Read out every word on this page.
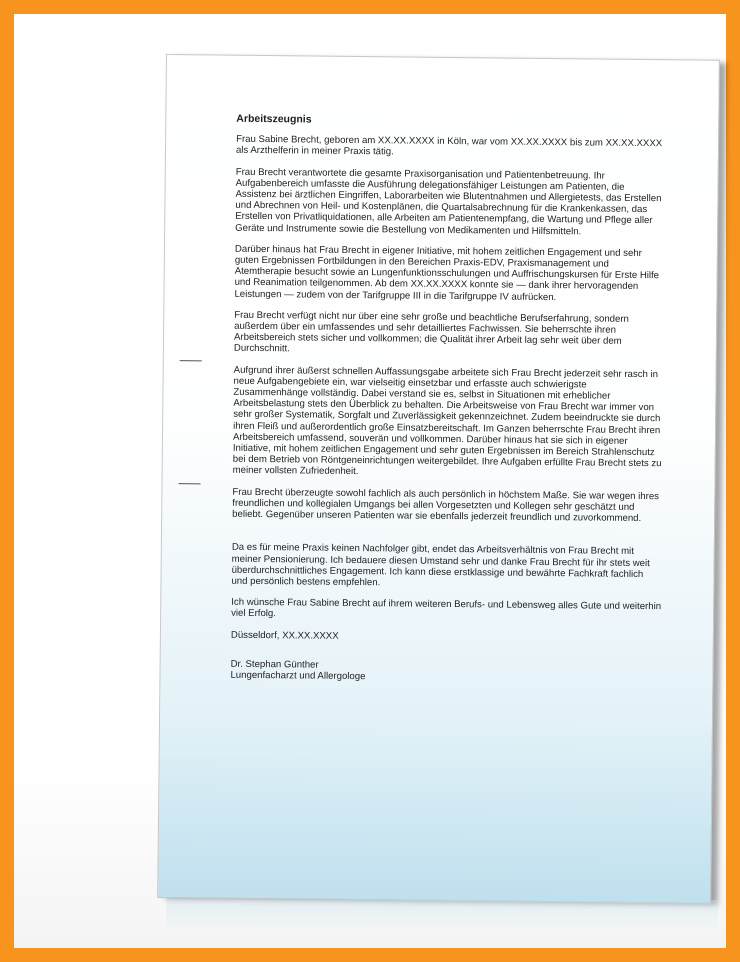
Arbeitszeugnis

Frau Sabine Brecht, geboren am XX.XX.XXXX in Köln, war vom XX.XX.XXXX bis zum XX.XX.XXXX als Arzthelferin in meiner Praxis tätig.

Frau Brecht verantwortete die gesamte Praxisorganisation und Patientenbetreuung. Ihr Aufgabenbereich umfasste die Ausführung delegationsfähiger Leistungen am Patienten, die Assistenz bei ärztlichen Eingriffen, Laborarbeiten wie Blutentnahmen und Allergietests, das Erstellen und Abrechnen von Heil- und Kostenplänen, die Quartalsabrechnung für die Krankenkassen, das Erstellen von Privatliquidationen, alle Arbeiten am Patientenempfang, die Wartung und Pflege aller Geräte und Instrumente sowie die Bestellung von Medikamenten und Hilfsmitteln.

Darüber hinaus hat Frau Brecht in eigener Initiative, mit hohem zeitlichen Engagement und sehr guten Ergebnissen Fortbildungen in den Bereichen Praxis-EDV, Praxismanagement und Atemtherapie besucht sowie an Lungenfunktionsschulungen und Auffrischungskursen für Erste Hilfe und Reanimation teilgenommen. Ab dem XX.XX.XXXX konnte sie — dank ihrer hervoragenden Leistungen — zudem von der Tarifgruppe III in die Tarifgruppe IV aufrücken.

Frau Brecht verfügt nicht nur über eine sehr große und beachtliche Berufserfahrung, sondern außerdem über ein umfassendes und sehr detailliertes Fachwissen. Sie beherrschte ihren Arbeitsbereich stets sicher und vollkommen; die Qualität ihrer Arbeit lag sehr weit über dem Durchschnitt.

Aufgrund ihrer äußerst schnellen Auffassungsgabe arbeitete sich Frau Brecht jederzeit sehr rasch in neue Aufgabengebiete ein, war vielseitig einsetzbar und erfasste auch schwierigste Zusammenhänge vollständig. Dabei verstand sie es, selbst in Situationen mit erheblicher Arbeitsbelastung stets den Überblick zu behalten. Die Arbeitsweise von Frau Brecht war immer von sehr großer Systematik, Sorgfalt und Zuverlässigkeit gekennzeichnet. Zudem beeindruckte sie durch ihren Fleiß und außerordentlich große Einsatzbereitschaft. Im Ganzen beherrschte Frau Brecht ihren Arbeitsbereich umfassend, souverän und vollkommen. Darüber hinaus hat sie sich in eigener Initiative, mit hohem zeitlichen Engagement und sehr guten Ergebnissen im Bereich Strahlenschutz bei dem Betrieb von Röntgeneinrichtungen weitergebildet. Ihre Aufgaben erfüllte Frau Brecht stets zu meiner vollsten Zufriedenheit.

Frau Brecht überzeugte sowohl fachlich als auch persönlich in höchstem Maße. Sie war wegen ihres freundlichen und kollegialen Umgangs bei allen Vorgesetzten und Kollegen sehr geschätzt und beliebt. Gegenüber unseren Patienten war sie ebenfalls jederzeit freundlich und zuvorkommend.

Da es für meine Praxis keinen Nachfolger gibt, endet das Arbeitsverhältnis von Frau Brecht mit meiner Pensionierung. Ich bedauere diesen Umstand sehr und danke Frau Brecht für ihr stets weit überdurchschnittliches Engagement. Ich kann diese erstklassige und bewährte Fachkraft fachlich und persönlich bestens empfehlen.

Ich wünsche Frau Sabine Brecht auf ihrem weiteren Berufs- und Lebensweg alles Gute und weiterhin viel Erfolg.

Düsseldorf, XX.XX.XXXX

Dr. Stephan Günther

Lungenfacharzt und Allergologe
